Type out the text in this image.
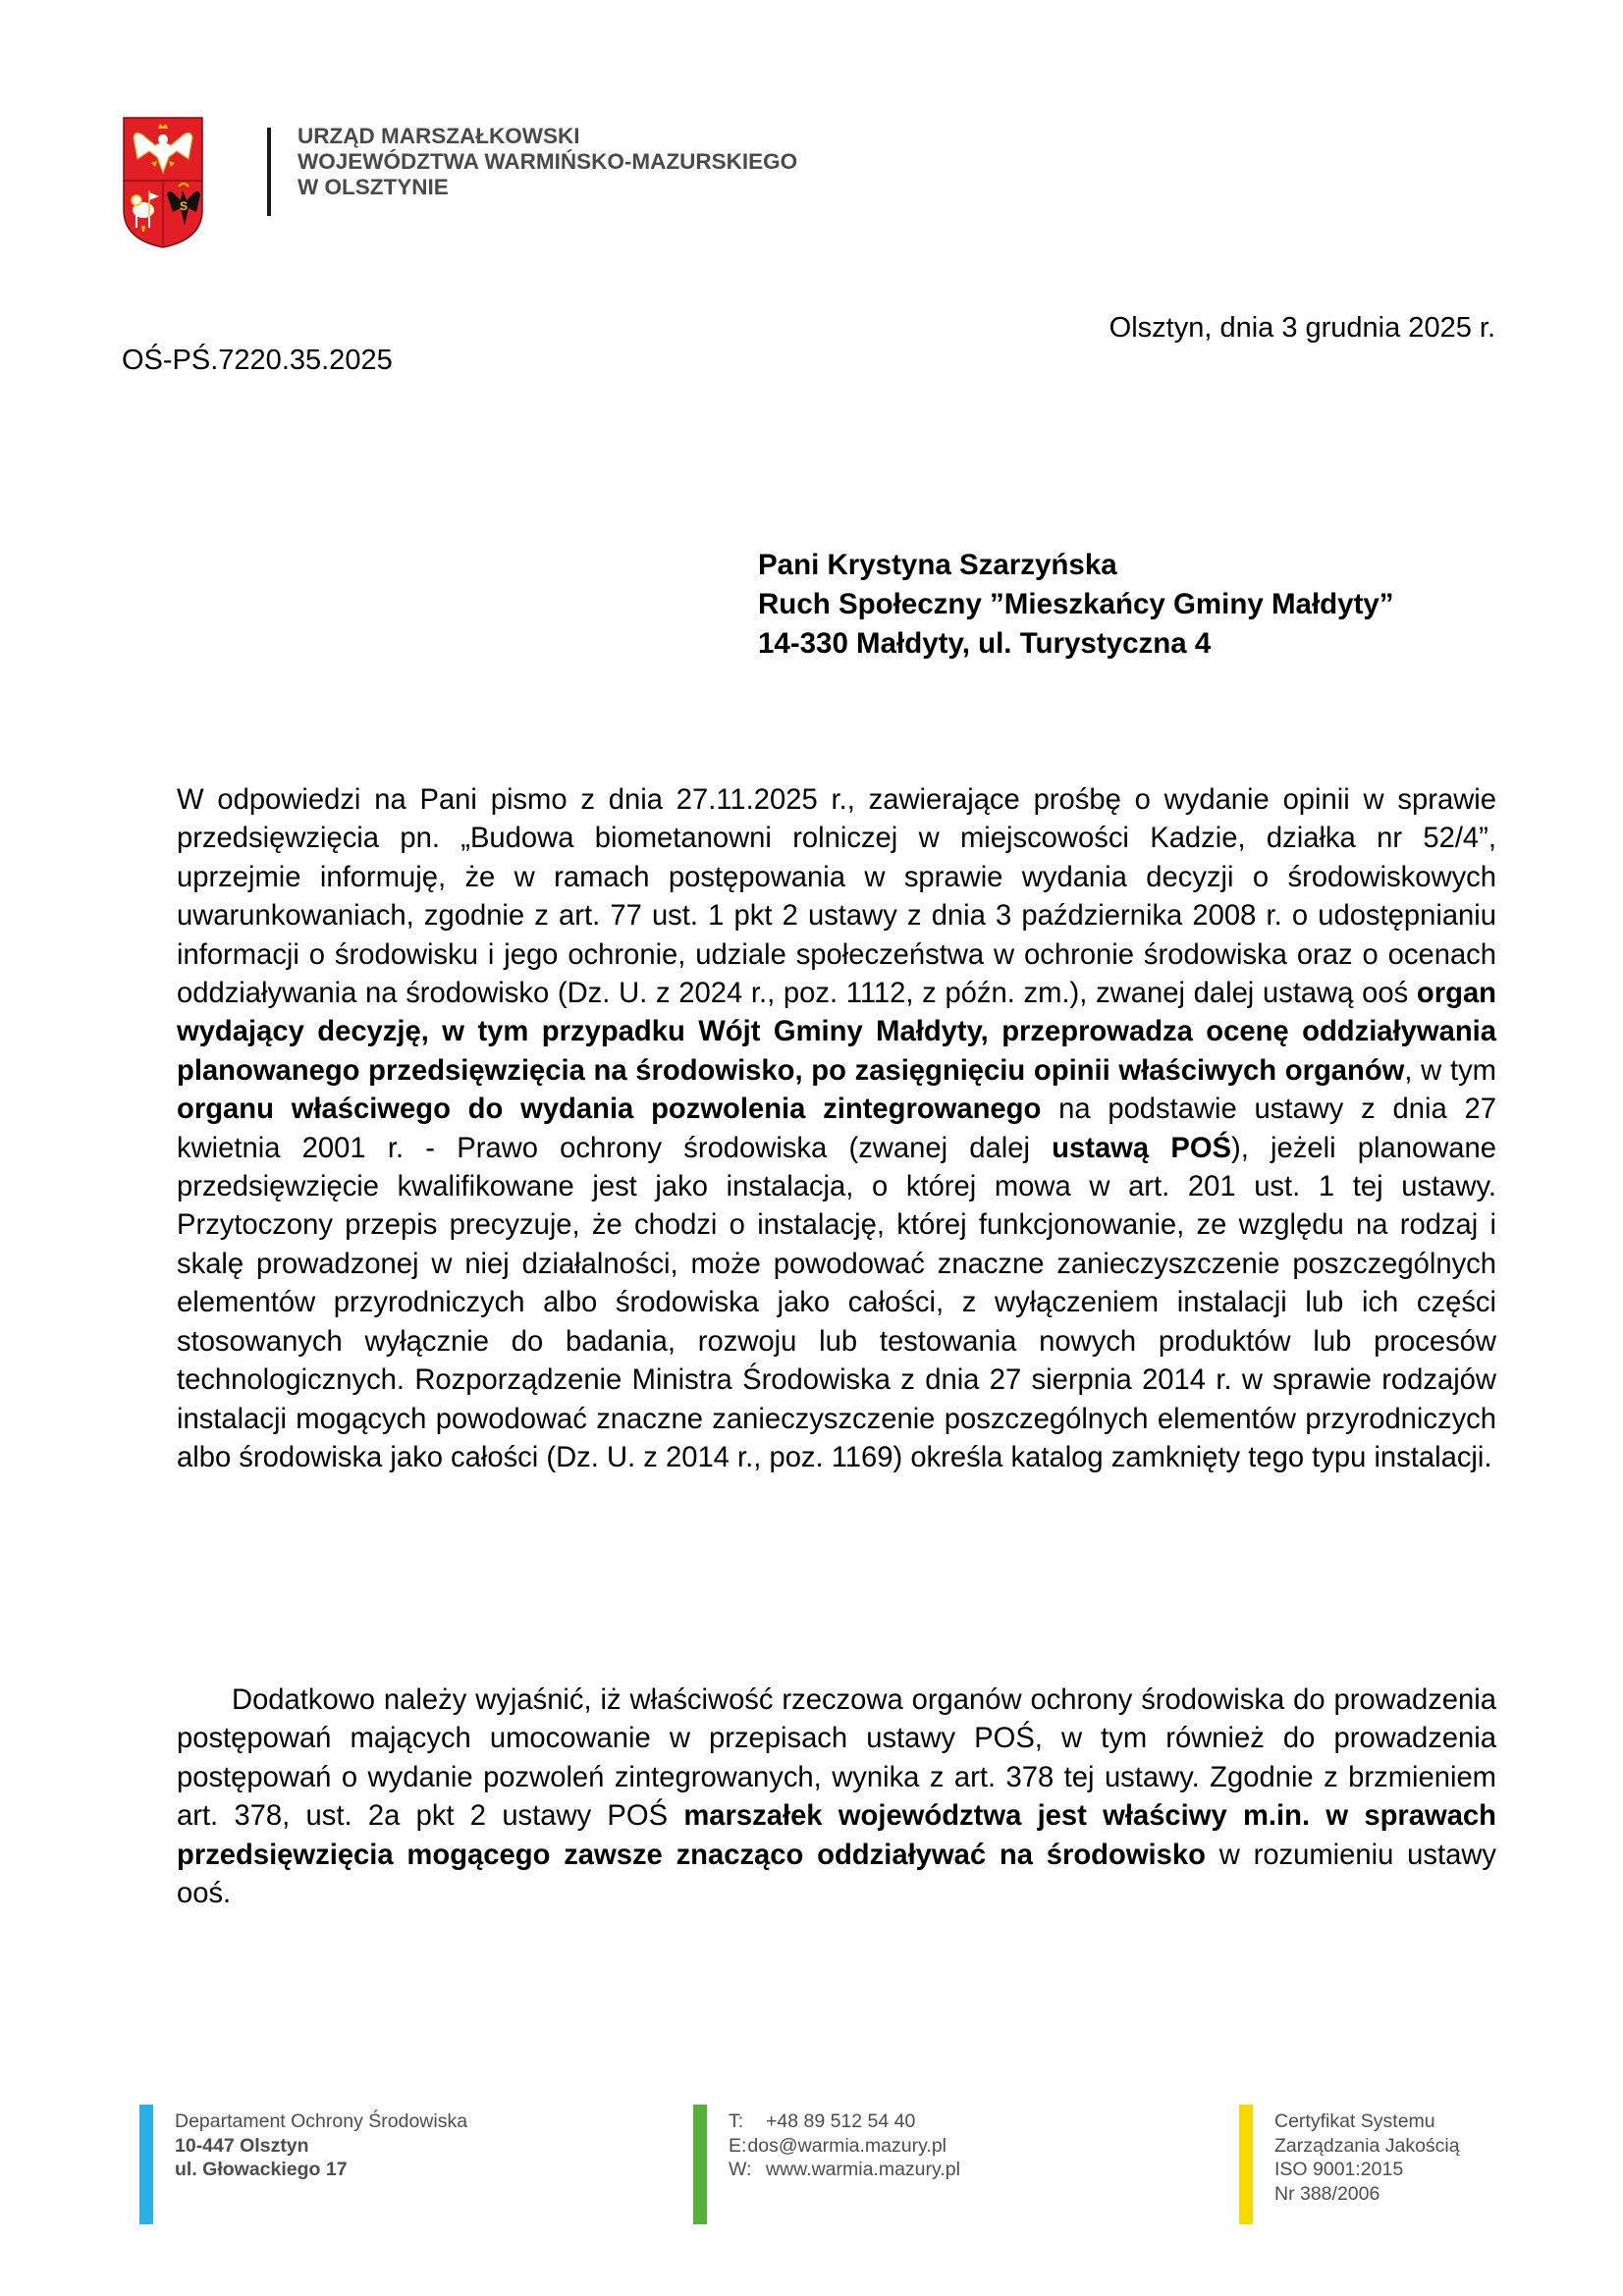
S
URZĄD MARSZAŁKOWSKI
WOJEWÓDZTWA WARMIŃSKO-MAZURSKIEGO
W OLSZTYNIE
Olsztyn, dnia 3 grudnia 2025 r.
OŚ-PŚ.7220.35.2025
Pani Krystyna Szarzyńska
Ruch Społeczny ”Mieszkańcy Gminy Małdyty”
14-330 Małdyty, ul. Turystyczna 4
W odpowiedzi na Pani pismo z dnia 27.11.2025 r., zawierające prośbę o wydanie opinii w sprawie przedsięwzięcia pn. „Budowa biometanowni rolniczej w miejscowości Kadzie, działka nr 52/4”, uprzejmie informuję, że w ramach postępowania w sprawie wydania decyzji o środowiskowych uwarunkowaniach, zgodnie z art. 77 ust. 1 pkt 2 ustawy z dnia 3 października 2008 r. o udostępnianiu informacji o środowisku i jego ochronie, udziale społeczeństwa w ochronie środowiska oraz o ocenach oddziaływania na środowisko (Dz. U. z 2024 r., poz. 1112, z późn. zm.), zwanej dalej ustawą ooś organ wydający decyzję, w tym przypadku Wójt Gminy Małdyty, przeprowadza ocenę oddziaływania planowanego przedsięwzięcia na środowisko, po zasięgnięciu opinii właściwych organów, w tym organu właściwego do wydania pozwolenia zintegrowanego na podstawie ustawy z dnia 27 kwietnia 2001 r. - Prawo ochrony środowiska (zwanej dalej ustawą POŚ), jeżeli planowane przedsięwzięcie kwalifikowane jest jako instalacja, o której mowa w art. 201 ust. 1 tej ustawy. Przytoczony przepis precyzuje, że chodzi o instalację, której funkcjonowanie, ze względu na rodzaj i skalę prowadzonej w niej działalności, może powodować znaczne zanieczyszczenie poszczególnych elementów przyrodniczych albo środowiska jako całości, z wyłączeniem instalacji lub ich części stosowanych wyłącznie do badania, rozwoju lub testowania nowych produktów lub procesów technologicznych. Rozporządzenie Ministra Środowiska z dnia 27 sierpnia 2014 r. w sprawie rodzajów instalacji mogących powodować znaczne zanieczyszczenie poszczególnych elementów przyrodniczych albo środowiska jako całości (Dz. U. z 2014 r., poz. 1169) określa katalog zamknięty tego typu instalacji.
Dodatkowo należy wyjaśnić, iż właściwość rzeczowa organów ochrony środowiska do prowadzenia postępowań mających umocowanie w przepisach ustawy POŚ, w tym również do prowadzenia postępowań o wydanie pozwoleń zintegrowanych, wynika z art. 378 tej ustawy. Zgodnie z brzmieniem art. 378, ust. 2a pkt 2 ustawy POŚ marszałek województwa jest właściwy m.in. w sprawach przedsięwzięcia mogącego zawsze znacząco oddziaływać na środowisko w rozumieniu ustawy ooś.
Departament Ochrony Środowiska
10-447 Olsztyn
ul. Głowackiego 17
T: +48 89 512 54 40
E: dos@warmia.mazury.pl
W: www.warmia.mazury.pl
Certyfikat Systemu
Zarządzania Jakością
ISO 9001:2015
Nr 388/2006
